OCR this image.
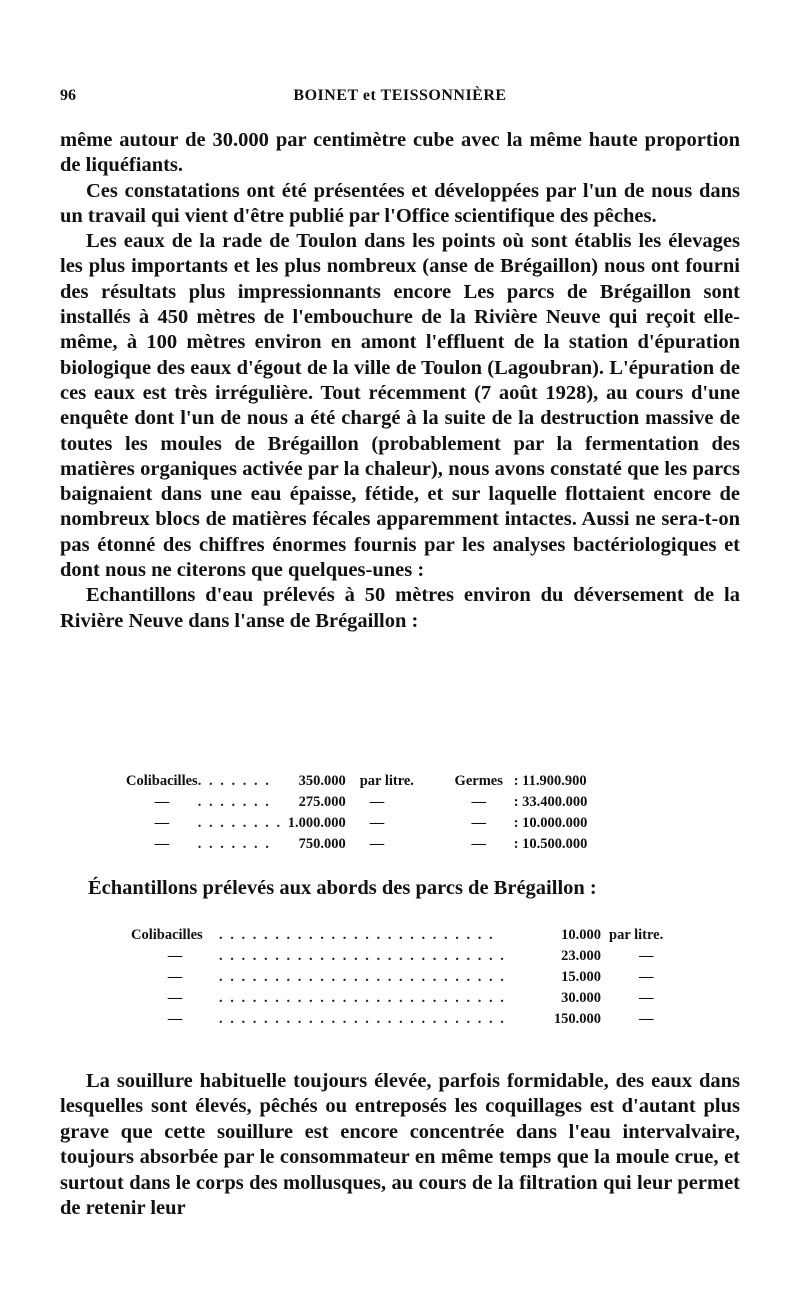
96	BOINET et TEISSONNIÈRE

même autour de 30.000 par centimètre cube avec la même haute proportion de liquéfiants.

Ces constatations ont été présentées et développées par l'un de nous dans un travail qui vient d'être publié par l'Office scientifique des pêches.

Les eaux de la rade de Toulon dans les points où sont établis les élevages les plus importants et les plus nombreux (anse de Brégaillon) nous ont fourni des résultats plus impressionnants encore Les parcs de Brégaillon sont installés à 450 mètres de l'embouchure de la Rivière Neuve qui reçoit elle-même, à 100 mètres environ en amont l'effluent de la station d'épuration biologique des eaux d'égout de la ville de Toulon (Lagoubran). L'épuration de ces eaux est très irrégulière. Tout récemment (7 août 1928), au cours d'une enquête dont l'un de nous a été chargé à la suite de la destruction massive de toutes les moules de Brégaillon (probablement par la fermentation des matières organiques activée par la chaleur), nous avons constaté que les parcs baignaient dans une eau épaisse, fétide, et sur laquelle flottaient encore de nombreux blocs de matières fécales apparemment intactes. Aussi ne sera-t-on pas étonné des chiffres énormes fournis par les analyses bactériologiques et dont nous ne citerons que quelques-unes :

Echantillons d'eau prélevés à 50 mètres environ du déversement de la Rivière Neuve dans l'anse de Brégaillon :

Colibacilles	. . . . . . .	350.000	par litre.	Germes	: 11.900.900
—	. . . . . . .	275.000	—	—	: 33.400.000
—	. . . . . . . .	1.000.000	—	—	: 10.000.000
—	. . . . . . .	750.000	—	—	: 10.500.000
Échantillons prélevés aux abords des parcs de Brégaillon :
Colibacilles	. . . . . . . . . . . . . . . . . . . . . . . . .	10.000	par litre.
—	. . . . . . . . . . . . . . . . . . . . . . . . . .	23.000	—
—	. . . . . . . . . . . . . . . . . . . . . . . . . .	15.000	—
—	. . . . . . . . . . . . . . . . . . . . . . . . . .	30.000	—
—	. . . . . . . . . . . . . . . . . . . . . . . . . .	150.000	—

La souillure habituelle toujours élevée, parfois formidable, des eaux dans lesquelles sont élevés, pêchés ou entreposés les coquillages est d'autant plus grave que cette souillure est encore concentrée dans l'eau intervalvaire, toujours absorbée par le consommateur en même temps que la moule crue, et surtout dans le corps des mollusques, au cours de la filtration qui leur permet de retenir leur
